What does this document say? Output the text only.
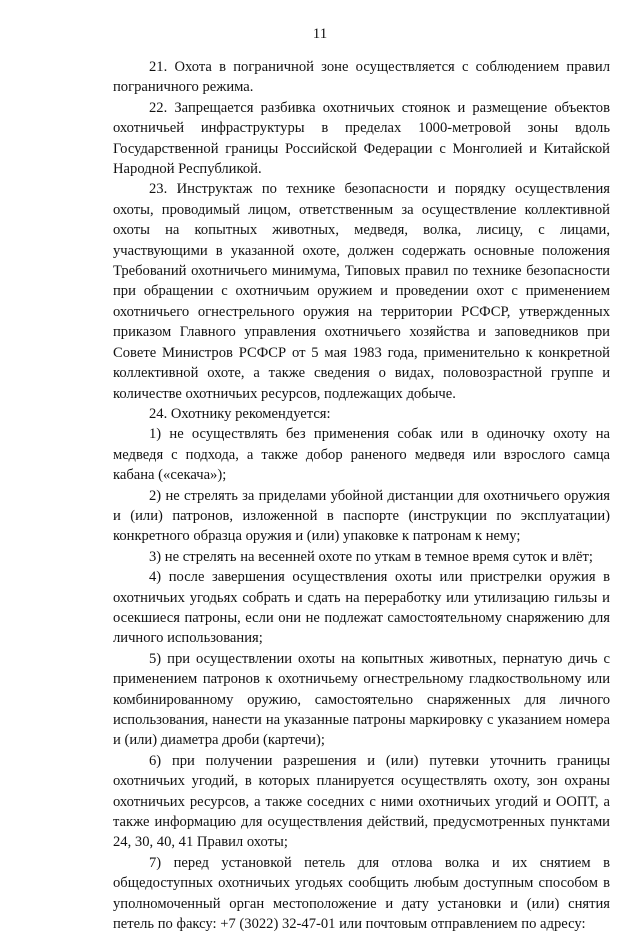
11

21. Охота в пограничной зоне осуществляется с соблюдением правил пограничного режима.

22. Запрещается разбивка охотничьих стоянок и размещение объектов охотничьей инфраструктуры в пределах 1000-метровой зоны вдоль Государственной границы Российской Федерации с Монголией и Китайской Народной Республикой.

23. Инструктаж по технике безопасности и порядку осуществления охоты, проводимый лицом, ответственным за осуществление коллективной охоты на копытных животных, медведя, волка, лисицу, с лицами, участвующими в указанной охоте, должен содержать основные положения Требований охотничьего минимума, Типовых правил по технике безопасности при обращении с охотничьим оружием и проведении охот с применением охотничьего огнестрельного оружия на территории РСФСР, утвержденных приказом Главного управления охотничьего хозяйства и заповедников при Совете Министров РСФСР от 5 мая 1983 года, применительно к конкретной коллективной охоте, а также сведения о видах, половозрастной группе и количестве охотничьих ресурсов, подлежащих добыче.

24. Охотнику рекомендуется:

1) не осуществлять без применения собак или в одиночку охоту на медведя с подхода, а также добор раненого медведя или взрослого самца кабана («секача»);

2) не стрелять за приделами убойной дистанции для охотничьего оружия и (или) патронов, изложенной в паспорте (инструкции по эксплуатации) конкретного образца оружия и (или) упаковке к патронам к нему;

3) не стрелять на весенней охоте по уткам в темное время суток и влёт;

4) после завершения осуществления охоты или пристрелки оружия в охотничьих угодьях собрать и сдать на переработку или утилизацию гильзы и осекшиеся патроны, если они не подлежат самостоятельному снаряжению для личного использования;

5) при осуществлении охоты на копытных животных, пернатую дичь с применением патронов к охотничьему огнестрельному гладкоствольному или комбинированному оружию, самостоятельно снаряженных для личного использования, нанести на указанные патроны маркировку с указанием номера и (или) диаметра дроби (картечи);

6) при получении разрешения и (или) путевки уточнить границы охотничьих угодий, в которых планируется осуществлять охоту, зон охраны охотничьих ресурсов, а также соседних с ними охотничьих угодий и ООПТ, а также информацию для осуществления действий, предусмотренных пунктами 24, 30, 40, 41 Правил охоты;

7) перед установкой петель для отлова волка и их снятием в общедоступных охотничьих угодьях сообщить любым доступным способом в уполномоченный орган местоположение и дату установки и (или) снятия петель по факсу: +7 (3022) 32-47-01 или почтовым отправлением по адресу:
